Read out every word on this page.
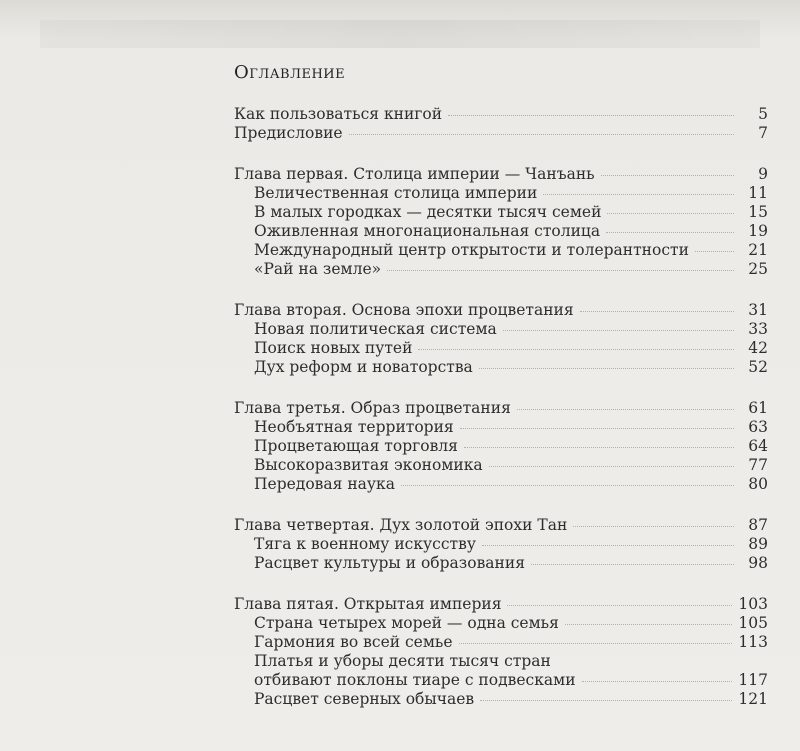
Оглавление
Как пользоваться книгой	5
Предисловие	7
Глава первая. Столица империи — Чанъань	9
Величественная столица империи	11
В малых городках — десятки тысяч семей	15
Оживленная многонациональная столица	19
Международный центр открытости и толерантности	21
«Рай на земле»	25
Глава вторая. Основа эпохи процветания	31
Новая политическая система	33
Поиск новых путей	42
Дух реформ и новаторства	52
Глава третья. Образ процветания	61
Необъятная территория	63
Процветающая торговля	64
Высокоразвитая экономика	77
Передовая наука	80
Глава четвертая. Дух золотой эпохи Тан	87
Тяга к военному искусству	89
Расцвет культуры и образования	98
Глава пятая. Открытая империя	103
Страна четырех морей — одна семья	105
Гармония во всей семье	113
Платья и уборы десяти тысяч стран
отбивают поклоны тиаре с подвесками	117
Расцвет северных обычаев	121
